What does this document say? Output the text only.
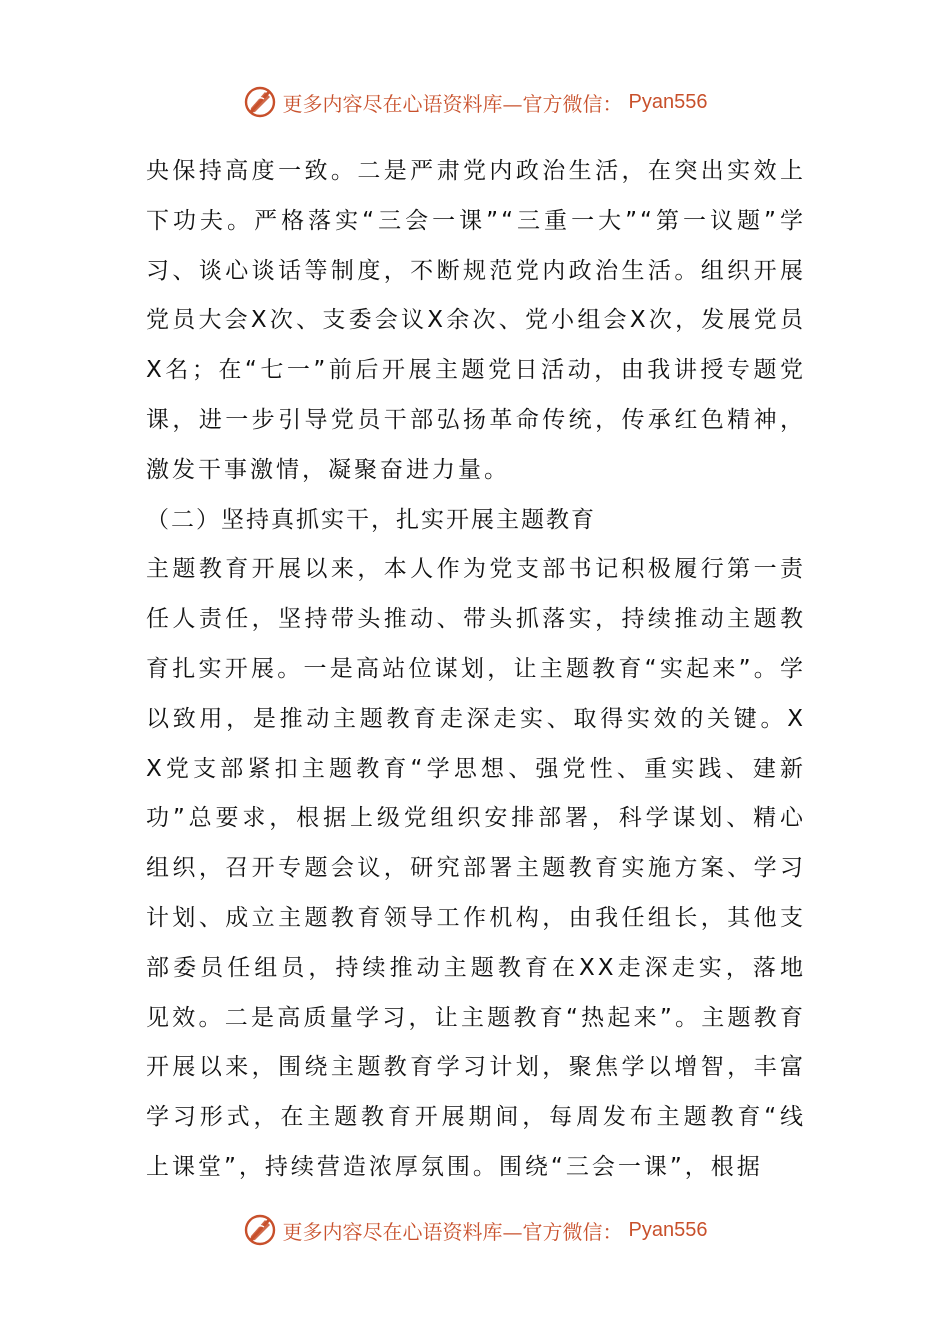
更多内容尽在心语资料库—官方微信： Pyan556

央保持高度一致。二是严肃党内政治生活，在突出实效上下功夫。严格落实“三会一课”“三重一大”“第一议题”学习、谈心谈话等制度，不断规范党内政治生活。组织开展党员大会X次、支委会议X余次、党小组会X次，发展党员X名；在“七一”前后开展主题党日活动，由我讲授专题党课，进一步引导党员干部弘扬革命传统，传承红色精神，激发干事激情，凝聚奋进力量。

（二）坚持真抓实干，扎实开展主题教育

主题教育开展以来，本人作为党支部书记积极履行第一责任人责任，坚持带头推动、带头抓落实，持续推动主题教育扎实开展。一是高站位谋划，让主题教育“实起来”。学以致用，是推动主题教育走深走实、取得实效的关键。XX党支部紧扣主题教育“学思想、强党性、重实践、建新功”总要求，根据上级党组织安排部署，科学谋划、精心组织，召开专题会议，研究部署主题教育实施方案、学习计划、成立主题教育领导工作机构，由我任组长，其他支部委员任组员，持续推动主题教育在XX走深走实，落地见效。二是高质量学习，让主题教育“热起来”。主题教育开展以来，围绕主题教育学习计划，聚焦学以增智，丰富学习形式，在主题教育开展期间，每周发布主题教育“线上课堂”，持续营造浓厚氛围。围绕“三会一课”，根据

更多内容尽在心语资料库—官方微信： Pyan556
